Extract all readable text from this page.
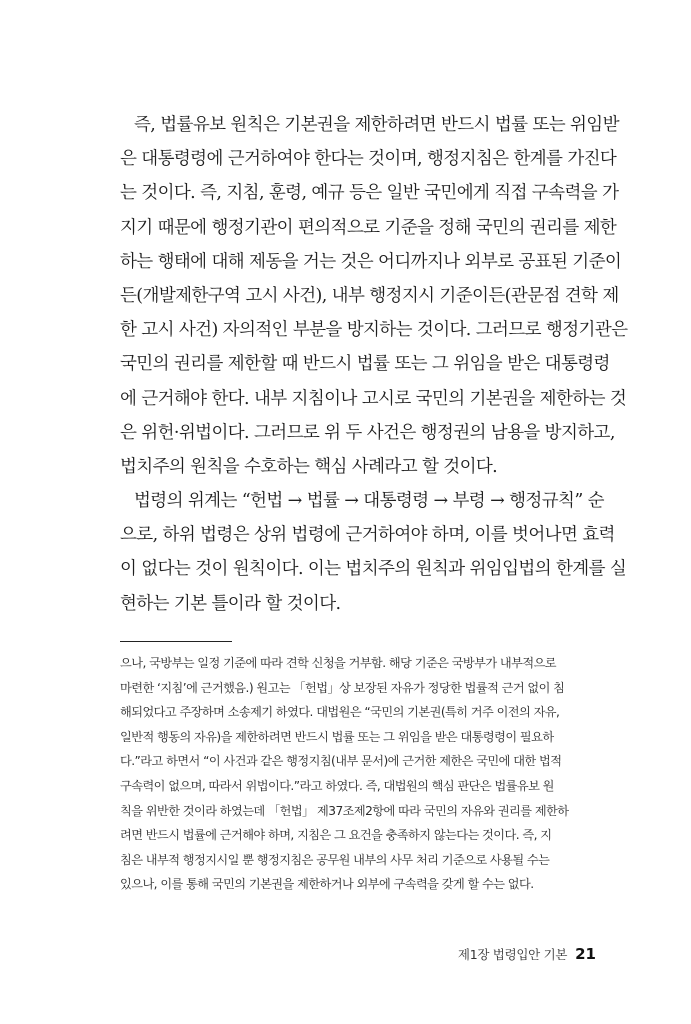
즉, 법률유보 원칙은 기본권을 제한하려면 반드시 법률 또는 위임받
은 대통령령에 근거하여야 한다는 것이며, 행정지침은 한계를 가진다
는 것이다. 즉, 지침, 훈령, 예규 등은 일반 국민에게 직접 구속력을 가
지기 때문에 행정기관이 편의적으로 기준을 정해 국민의 권리를 제한
하는 행태에 대해 제동을 거는 것은 어디까지나 외부로 공표된 기준이
든(개발제한구역 고시 사건), 내부 행정지시 기준이든(관문점 견학 제
한 고시 사건) 자의적인 부분을 방지하는 것이다. 그러므로 행정기관은
국민의 권리를 제한할 때 반드시 법률 또는 그 위임을 받은 대통령령
에 근거해야 한다. 내부 지침이나 고시로 국민의 기본권을 제한하는 것
은 위헌·위법이다. 그러므로 위 두 사건은 행정권의 남용을 방지하고,
법치주의 원칙을 수호하는 핵심 사례라고 할 것이다.
법령의 위계는 “헌법 → 법률 → 대통령령 → 부령 → 행정규칙” 순
으로, 하위 법령은 상위 법령에 근거하여야 하며, 이를 벗어나면 효력
이 없다는 것이 원칙이다. 이는 법치주의 원칙과 위임입법의 한계를 실
현하는 기본 틀이라 할 것이다.
으나, 국방부는 일정 기준에 따라 견학 신청을 거부함. 해당 기준은 국방부가 내부적으로
마련한 ‘지침’에 근거했음.) 원고는 「헌법」상 보장된 자유가 정당한 법률적 근거 없이 침
해되었다고 주장하며 소송제기 하였다. 대법원은 “국민의 기본권(특히 거주 이전의 자유,
일반적 행동의 자유)을 제한하려면 반드시 법률 또는 그 위임을 받은 대통령령이 필요하
다.”라고 하면서 “이 사건과 같은 행정지침(내부 문서)에 근거한 제한은 국민에 대한 법적
구속력이 없으며, 따라서 위법이다.”라고 하였다. 즉, 대법원의 핵심 판단은 법률유보 원
칙을 위반한 것이라 하였는데 「헌법」 제37조제2항에 따라 국민의 자유와 권리를 제한하
려면 반드시 법률에 근거해야 하며, 지침은 그 요건을 충족하지 않는다는 것이다. 즉, 지
침은 내부적 행정지시일 뿐 행정지침은 공무원 내부의 사무 처리 기준으로 사용될 수는
있으나, 이를 통해 국민의 기본권을 제한하거나 외부에 구속력을 갖게 할 수는 없다.
제1장 법령입안 기본 21
